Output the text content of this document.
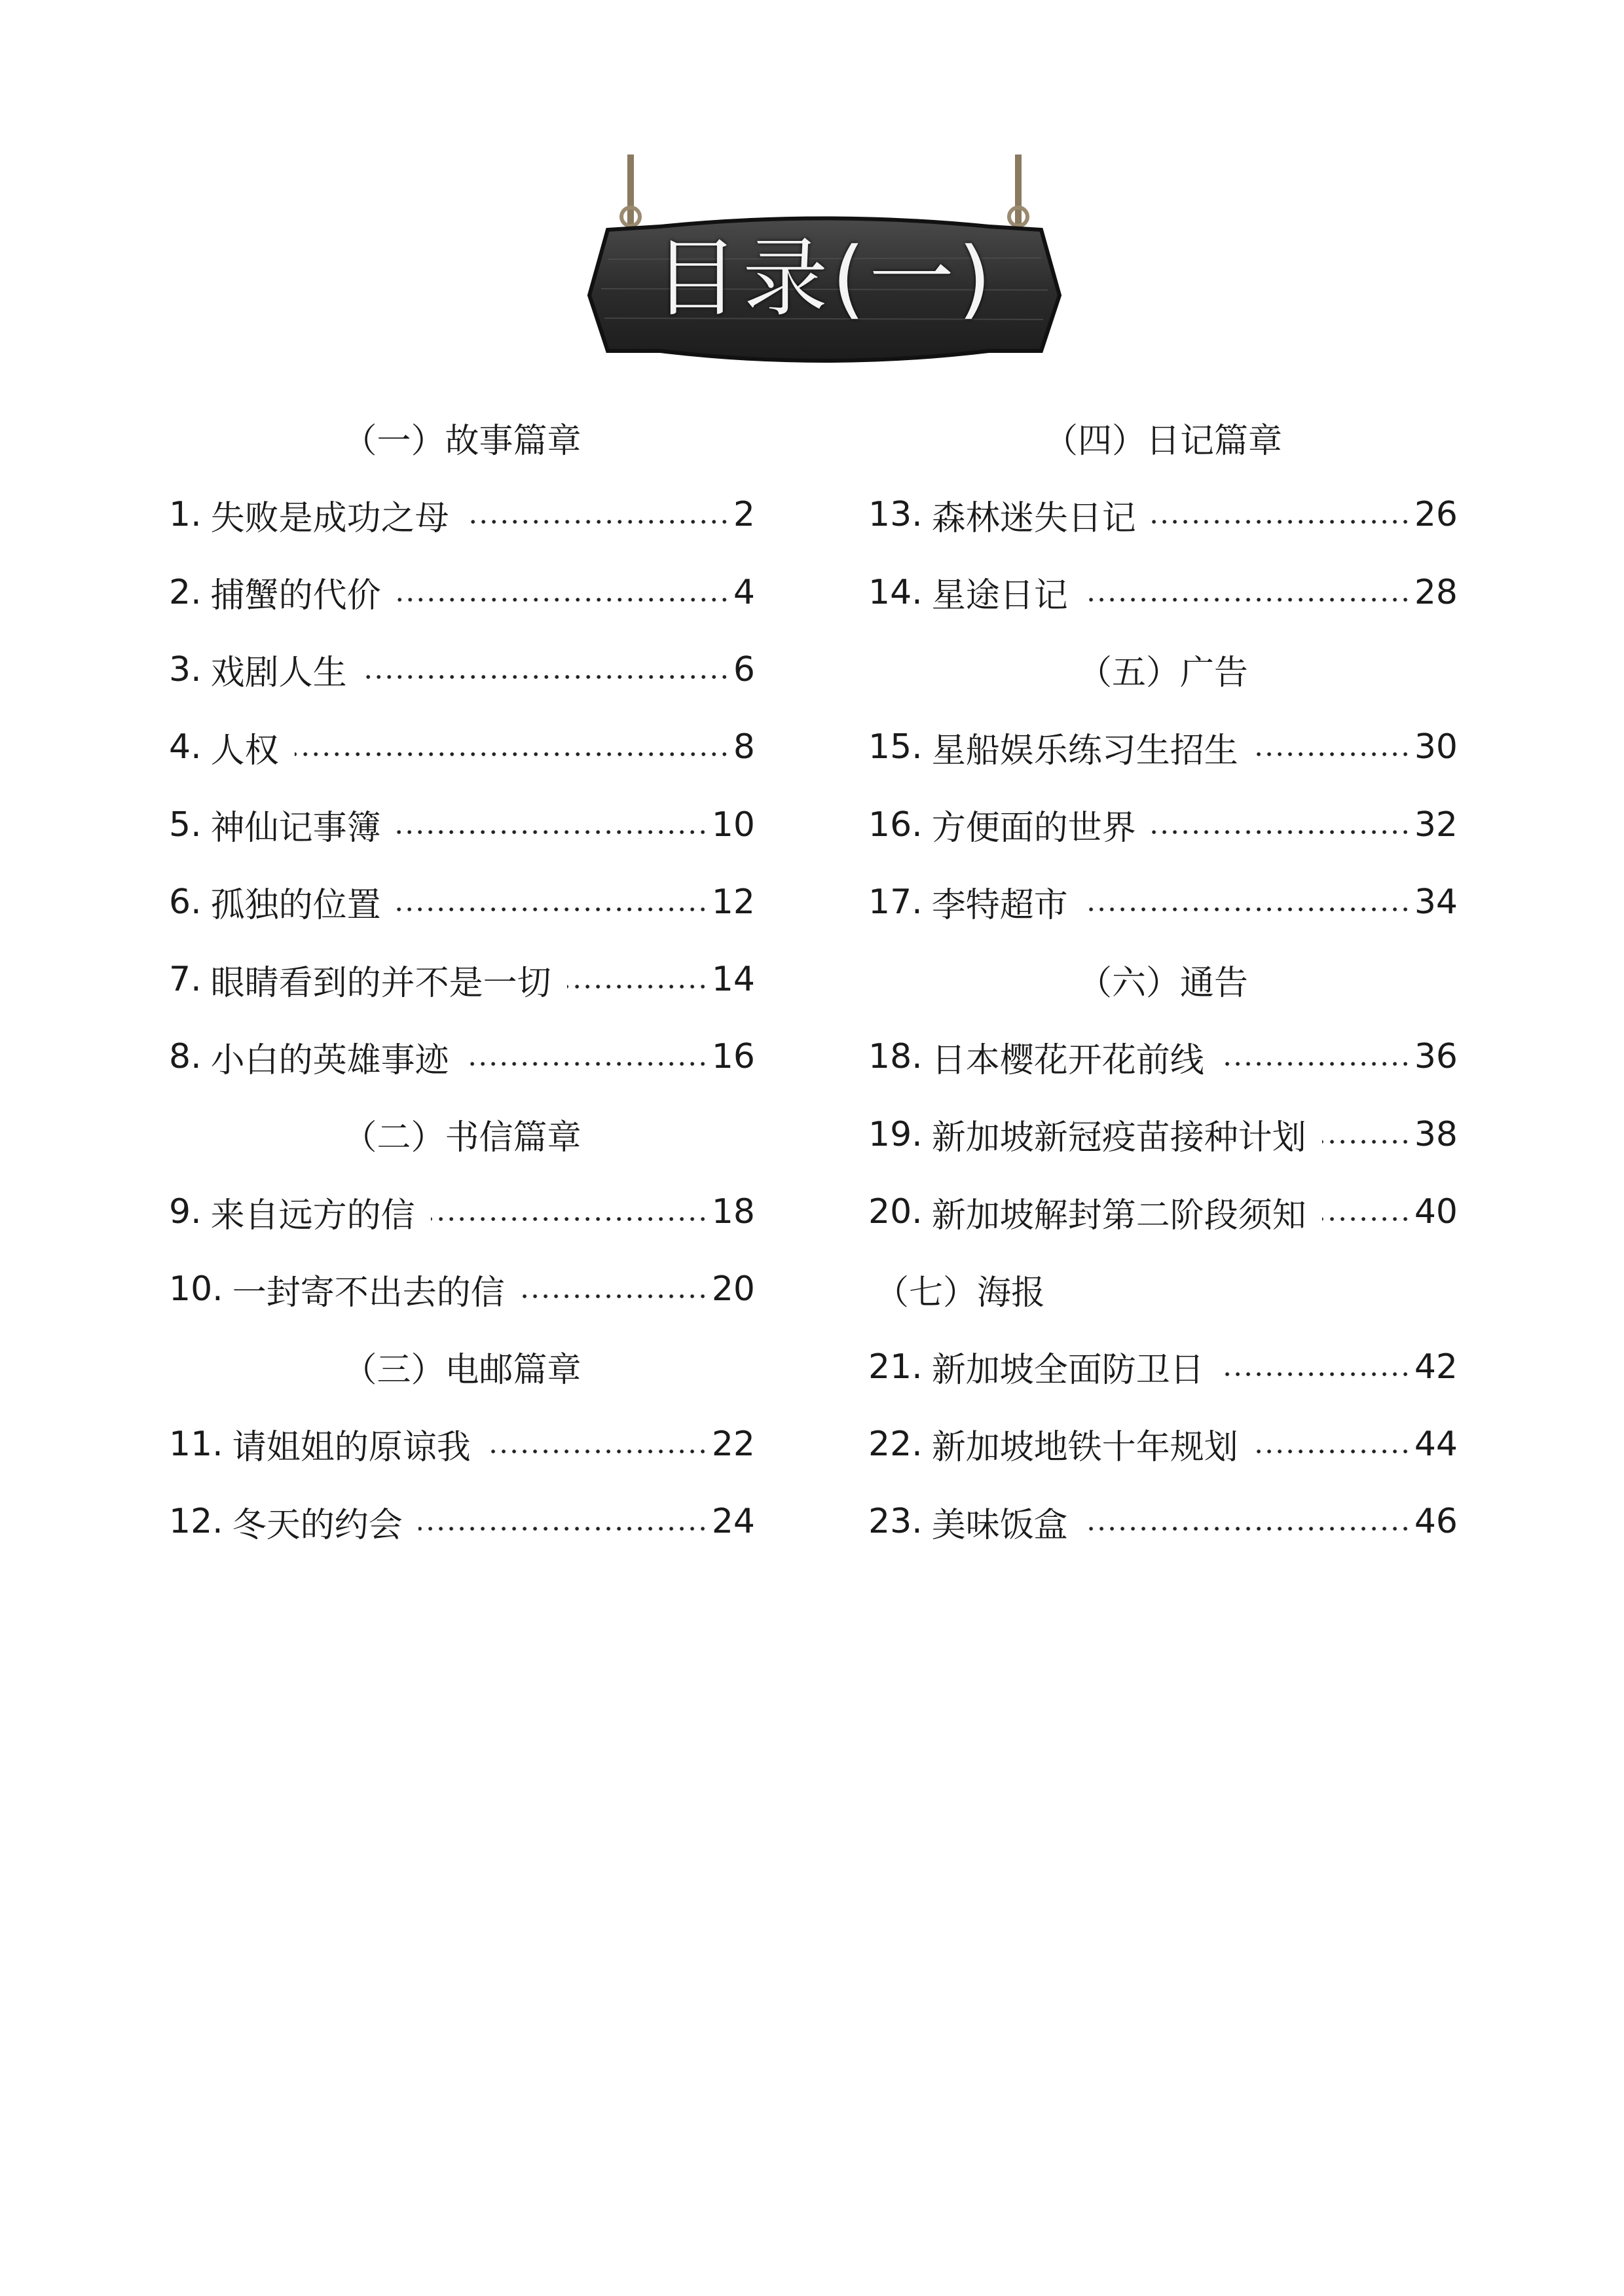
目录(一)
（一）故事篇章
1. 失败是成功之母	2
2. 捕蟹的代价	4
3. 戏剧人生	6
4. 人权	8
5. 神仙记事簿	10
6. 孤独的位置	12
7. 眼睛看到的并不是一切	14
8. 小白的英雄事迹	16
（二）书信篇章
9. 来自远方的信	18
10. 一封寄不出去的信	20
（三）电邮篇章
11. 请姐姐的原谅我	22
12. 冬天的约会	24
（四）日记篇章
13. 森林迷失日记	26
14. 星途日记	28
（五）广告
15. 星船娱乐练习生招生	30
16. 方便面的世界	32
17. 李特超市	34
（六）通告
18. 日本樱花开花前线	36
19. 新加坡新冠疫苗接种计划	38
20. 新加坡解封第二阶段须知	40
（七）海报
21. 新加坡全面防卫日	42
22. 新加坡地铁十年规划	44
23. 美味饭盒	46
